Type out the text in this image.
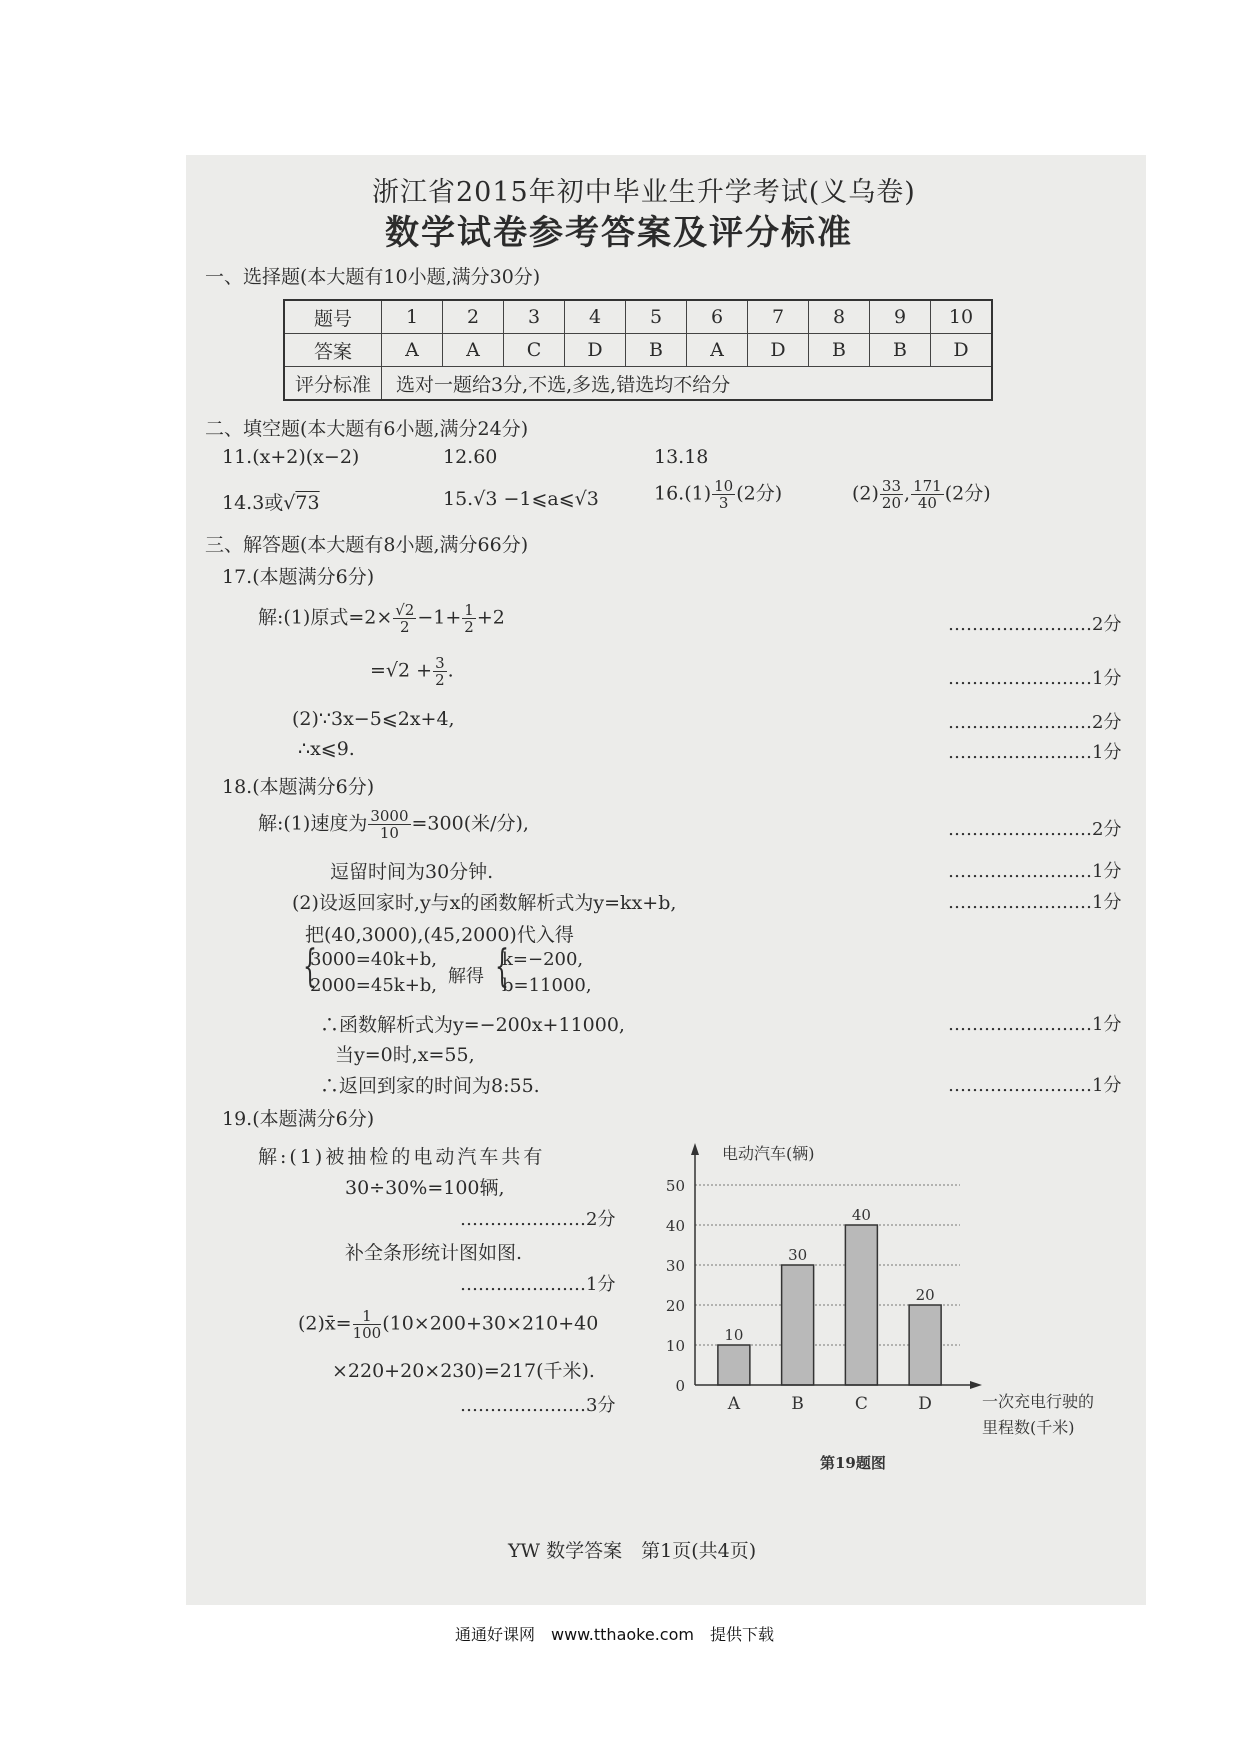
浙江省2015年初中毕业生升学考试(义乌卷)
数学试卷参考答案及评分标准
一、选择题(本大题有10小题,满分30分)
题号	1	2	3	4	5	6	7	8	9	10
答案	A	A	C	D	B	A	D	B	B	D
评分标准	选对一题给3分,不选,多选,错选均不给分									
二、填空题(本大题有6小题,满分24分)
11.(x+2)(x−2)	12.60	13.18
14.3或√73	15.√3 −1⩽a⩽√3	$16.(1) \frac{10}{3} (2$分)	$(2) \frac{33}{20}$ , $\frac{171}{40} (2$分)
三、解答题(本大题有8小题,满分66分)
17.(本题满分6分)
解:(1)原式$=2\times \frac{√2}{2} -1+ \frac{1}{2} +2$	……………………2分
$=√2 + \frac{3}{2}$ .	……………………1分
(2)∵3x−5⩽2x+4,	……………………2分
∴x⩽9.	……………………1分
18.(本题满分6分)
解:(1)速度为 $\frac{3000}{10} =300$(米/分),	……………………2分
逗留时间为30分钟.	……………………1分
(2)设返回家时,y与x的函数解析式为y=kx+b,	……………………1分
把(40,3000),(45,2000)代入得
{
3000=40k+b,
2000=45k+b, 解得 {
k=−200,
b=11000,
∴函数解析式为y=−200x+11000,	……………………1分
当y=0时,x=55,
∴返回到家的时间为8:55.	……………………1分
19.(本题满分6分)
解:(1)被抽检的电动汽车共有
30÷30%=100辆,
…………………2分
补全条形统计图如图.
…………………1分
(2)x̄= $\frac{1}{100} (10\times 200+30\times 210+40$
×220+20×230)=217(千米).
…………………3分
10
30
40
20
0
10
20
30
40
50
A	B	C	D
电动汽车(辆)
一次充电行驶的
里程数(千米)
第19题图
YW 数学答案　第1页(共4页)
通通好课网　www.tthaoke.com　提供下载
